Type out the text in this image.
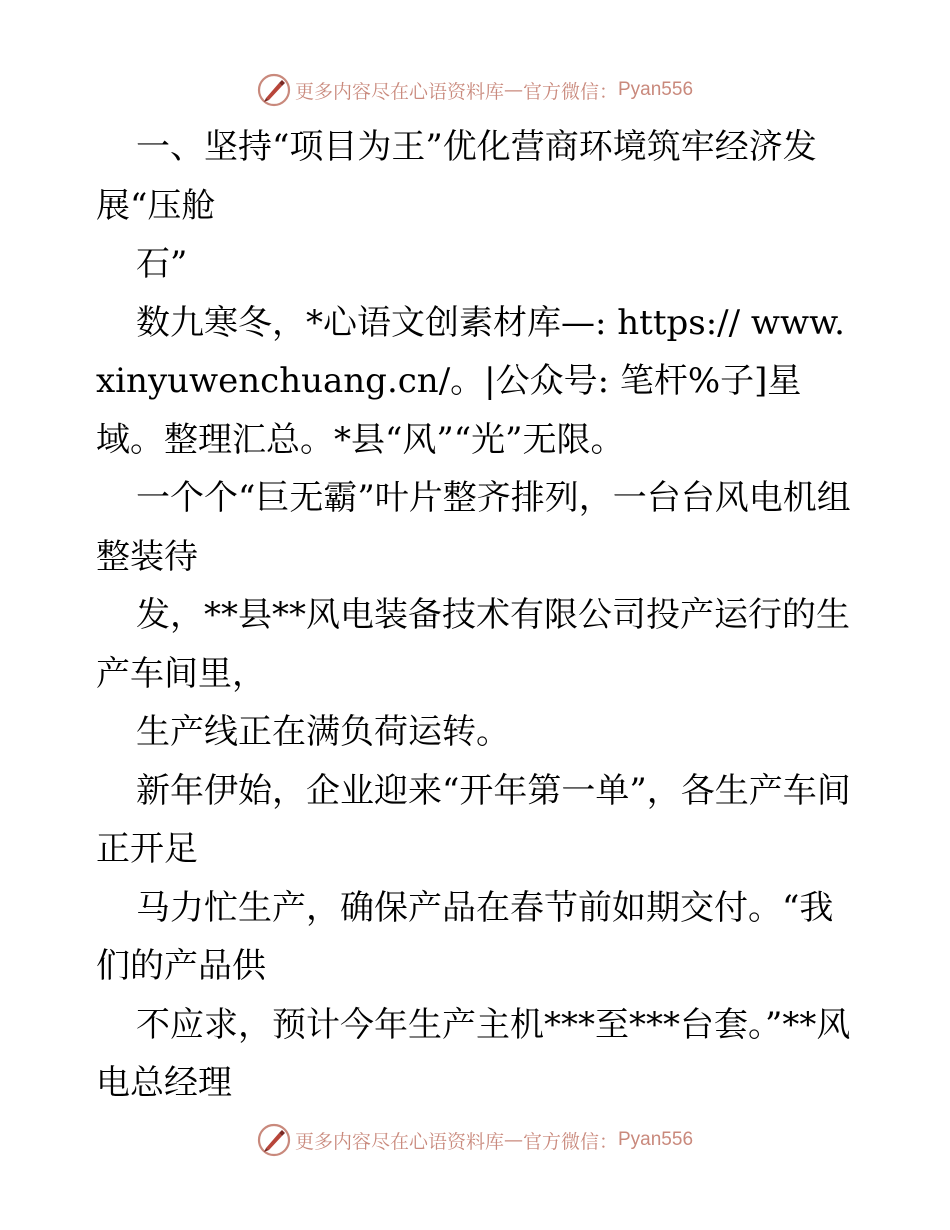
更多内容尽在心语资料库 — 官方微信： Pyan556

一、坚持“项目为王”优化营商环境筑牢经济发展“压舱

石”

数九寒冬，*心语文创素材库—: https:// www.xinyuwenchuang.cn/。|公众号: 笔杆%子]星域。整理汇总。*县“风”“光”无限。

一个个“巨无霸”叶片整齐排列，一台台风电机组整装待

发，**县**风电装备技术有限公司投产运行的生产车间里，

生产线正在满负荷运转。

新年伊始，企业迎来“开年第一单”，各生产车间正开足

马力忙生产，确保产品在春节前如期交付。“我们的产品供

不应求，预计今年生产主机***至***台套。”**风电总经理

更多内容尽在心语资料库 — 官方微信： Pyan556
